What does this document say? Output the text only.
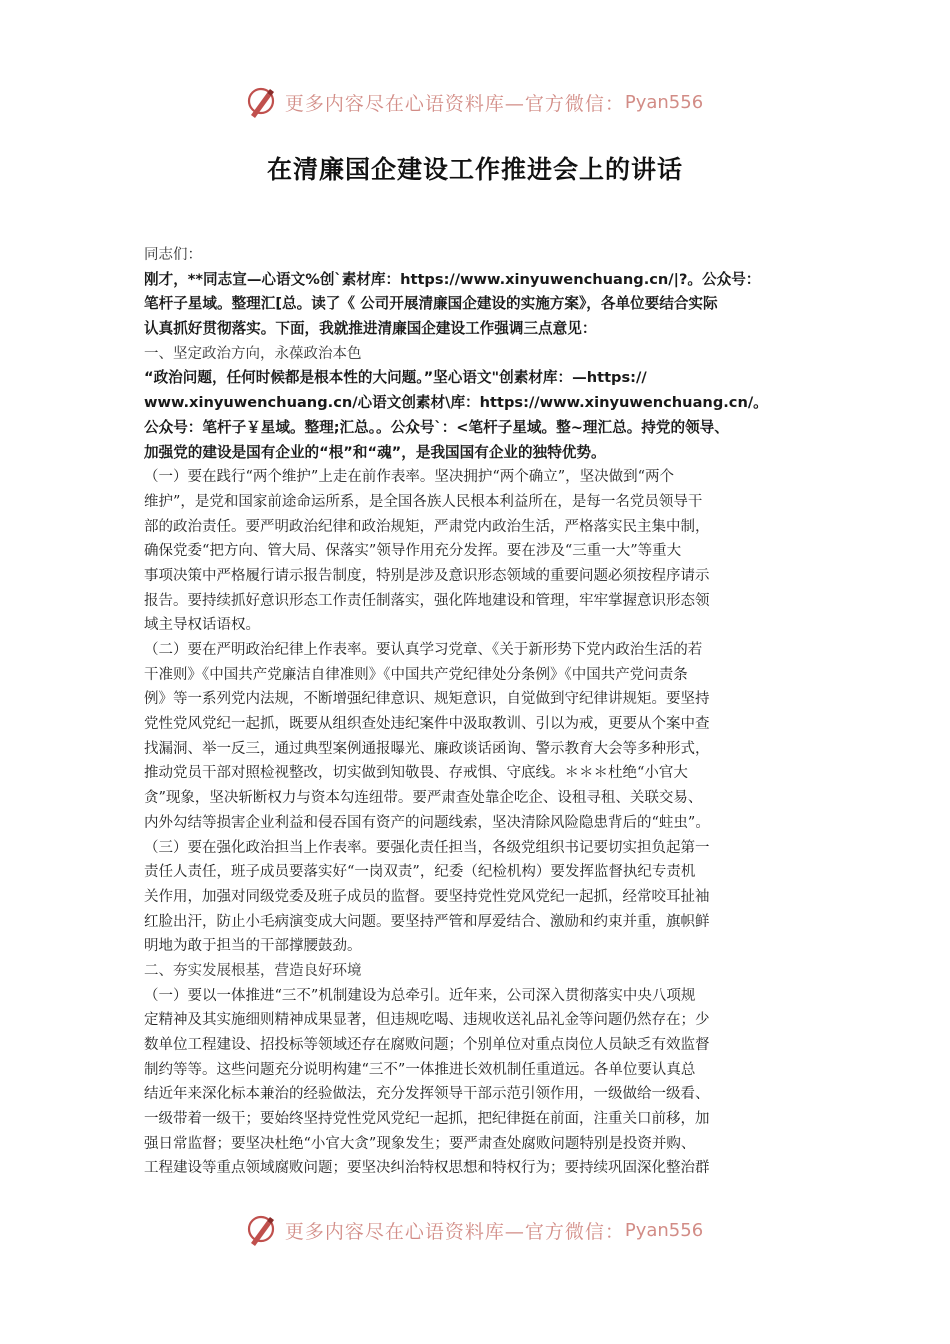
更多内容尽在心语资料库—官方微信： Pyan556
在清廉国企建设工作推进会上的讲话
同志们：
刚才，**同志宣—心语文%创`素材库：https://www.xinyuwenchuang.cn/|?。公众号：
笔杆子星域。整理汇[总。读了《 公司开展清廉国企建设的实施方案》，各单位要结合实际
认真抓好贯彻落实。下面，我就推进清廉国企建设工作强调三点意见：
一、坚定政治方向，永葆政治本色
“政治问题，任何时候都是根本性的大问题。”坚心语文"创素材库：—https://
www.xinyuwenchuang.cn/心语文创素材\库：https://www.xinyuwenchuang.cn/。
公众号：笔杆子￥星域。整理;汇总。。公众号`：<笔杆子星域。整~理汇总。持党的领导、
加强党的建设是国有企业的“根”和“魂”，是我国国有企业的独特优势。
（一）要在践行“两个维护”上走在前作表率。坚决拥护“两个确立”，坚决做到“两个
维护”，是党和国家前途命运所系，是全国各族人民根本利益所在，是每一名党员领导干
部的政治责任。要严明政治纪律和政治规矩，严肃党内政治生活，严格落实民主集中制，
确保党委“把方向、管大局、保落实”领导作用充分发挥。要在涉及“三重一大”等重大
事项决策中严格履行请示报告制度，特别是涉及意识形态领域的重要问题必须按程序请示
报告。要持续抓好意识形态工作责任制落实，强化阵地建设和管理，牢牢掌握意识形态领
域主导权话语权。
（二）要在严明政治纪律上作表率。要认真学习党章、《关于新形势下党内政治生活的若
干准则》《中国共产党廉洁自律准则》《中国共产党纪律处分条例》《中国共产党问责条
例》等一系列党内法规，不断增强纪律意识、规矩意识，自觉做到守纪律讲规矩。要坚持
党性党风党纪一起抓，既要从组织查处违纪案件中汲取教训、引以为戒，更要从个案中查
找漏洞、举一反三，通过典型案例通报曝光、廉政谈话函询、警示教育大会等多种形式，
推动党员干部对照检视整改，切实做到知敬畏、存戒惧、守底线。＊＊＊杜绝“小官大
贪”现象，坚决斩断权力与资本勾连纽带。要严肃查处靠企吃企、设租寻租、关联交易、
内外勾结等损害企业利益和侵吞国有资产的问题线索，坚决清除风险隐患背后的“蛀虫”。
（三）要在强化政治担当上作表率。要强化责任担当，各级党组织书记要切实担负起第一
责任人责任，班子成员要落实好“一岗双责”，纪委（纪检机构）要发挥监督执纪专责机
关作用，加强对同级党委及班子成员的监督。要坚持党性党风党纪一起抓，经常咬耳扯袖
红脸出汗，防止小毛病演变成大问题。要坚持严管和厚爱结合、激励和约束并重，旗帜鲜
明地为敢于担当的干部撑腰鼓劲。
二、夯实发展根基，营造良好环境
（一）要以一体推进“三不”机制建设为总牵引。近年来，公司深入贯彻落实中央八项规
定精神及其实施细则精神成果显著，但违规吃喝、违规收送礼品礼金等问题仍然存在；少
数单位工程建设、招投标等领域还存在腐败问题；个别单位对重点岗位人员缺乏有效监督
制约等等。这些问题充分说明构建“三不”一体推进长效机制任重道远。各单位要认真总
结近年来深化标本兼治的经验做法，充分发挥领导干部示范引领作用，一级做给一级看、
一级带着一级干；要始终坚持党性党风党纪一起抓，把纪律挺在前面，注重关口前移，加
强日常监督；要坚决杜绝“小官大贪”现象发生；要严肃查处腐败问题特别是投资并购、
工程建设等重点领域腐败问题；要坚决纠治特权思想和特权行为；要持续巩固深化整治群
更多内容尽在心语资料库—官方微信： Pyan556
